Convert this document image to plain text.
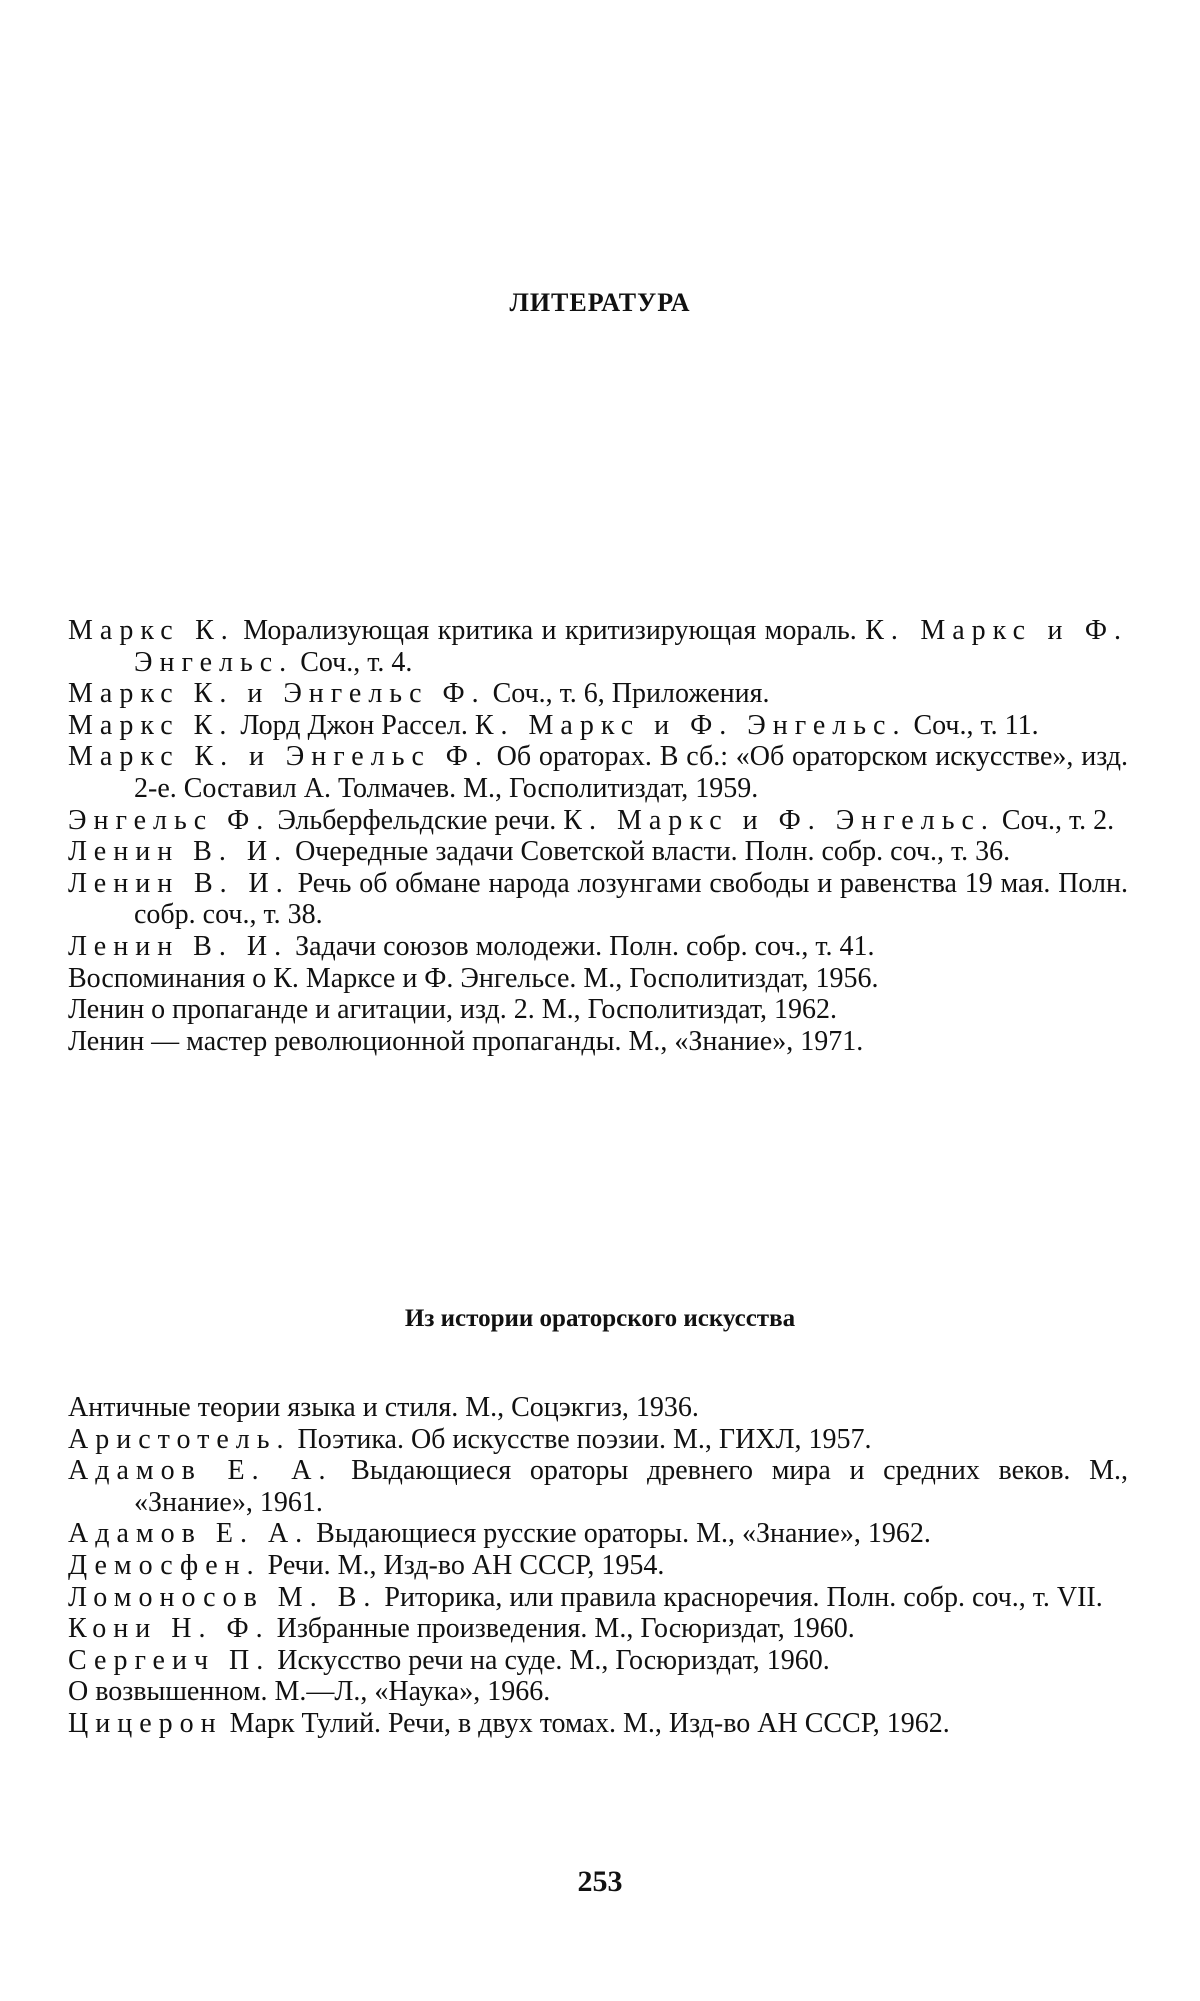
ЛИТЕРАТУРА

Маркс К. Морализующая критика и критизирующая мораль. К. Маркс и Ф. Энгельс. Соч., т. 4.

Маркс К. и Энгельс Ф. Соч., т. 6, Приложения.

Маркс К. Лорд Джон Рассел. К. Маркс и Ф. Энгельс. Соч., т. 11.

Маркс К. и Энгельс Ф. Об ораторах. В сб.: «Об ораторском искусстве», изд. 2-е. Составил А. Толмачев. М., Госполитиздат, 1959.

Энгельс Ф. Эльберфельдские речи. К. Маркс и Ф. Энгельс. Соч., т. 2.

Ленин В. И. Очередные задачи Советской власти. Полн. собр. соч., т. 36.

Ленин В. И. Речь об обмане народа лозунгами свободы и равенства 19 мая. Полн. собр. соч., т. 38.

Ленин В. И. Задачи союзов молодежи. Полн. собр. соч., т. 41.

Воспоминания о К. Марксе и Ф. Энгельсе. М., Госполитиздат, 1956.

Ленин о пропаганде и агитации, изд. 2. М., Госполитиздат, 1962.

Ленин — мастер революционной пропаганды. М., «Знание», 1971.

Из истории ораторского искусства

Античные теории языка и стиля. М., Соцэкгиз, 1936.

Аристотель. Поэтика. Об искусстве поэзии. М., ГИХЛ, 1957.

Адамов Е. А. Выдающиеся ораторы древнего мира и средних веков. М., «Знание», 1961.

Адамов Е. А. Выдающиеся русские ораторы. М., «Знание», 1962.

Демосфен. Речи. М., Изд-во АН СССР, 1954.

Ломоносов М. В. Риторика, или правила красноречия. Полн. собр. соч., т. VII.

Кони Н. Ф. Избранные произведения. М., Госюриздат, 1960.

Сергеич П. Искусство речи на суде. М., Госюриздат, 1960.

О возвышенном. М.—Л., «Наука», 1966.

Цицерон Марк Тулий. Речи, в двух томах. М., Изд-во АН СССР, 1962.

253
